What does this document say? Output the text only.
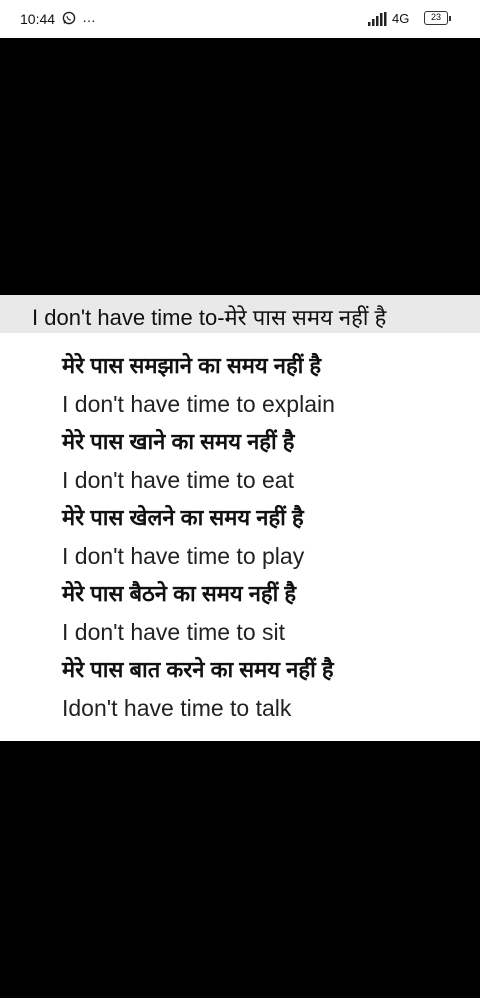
10:44 …	4G	23
I don't have time to-मेरे पास समय नहीं है
मेरे पास समझाने का समय नहीं है
I don't have time to explain
मेरे पास खाने का समय नहीं है
I don't have time to eat
मेरे पास खेलने का समय नहीं है
I don't have time to play
मेरे पास बैठने का समय नहीं है
I don't have time to sit
मेरे पास बात करने का समय नहीं है
Idon't have time to talk
